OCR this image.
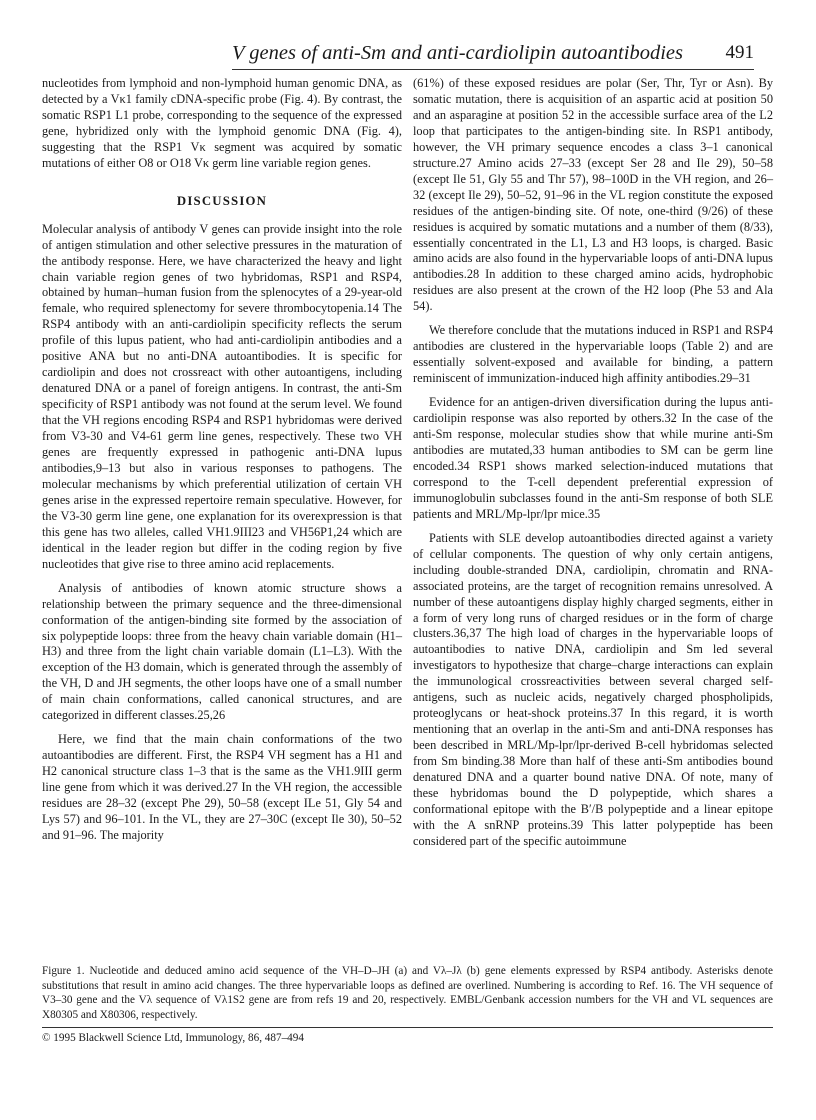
V genes of anti-Sm and anti-cardiolipin autoantibodies 491

nucleotides from lymphoid and non-lymphoid human genomic DNA, as detected by a Vκ1 family cDNA-specific probe (Fig. 4). By contrast, the somatic RSP1 L1 probe, corresponding to the sequence of the expressed gene, hybridized only with the lymphoid genomic DNA (Fig. 4), suggesting that the RSP1 Vκ segment was acquired by somatic mutations of either O8 or O18 Vκ germ line variable region genes.

DISCUSSION

Molecular analysis of antibody V genes can provide insight into the role of antigen stimulation and other selective pressures in the maturation of the antibody response. Here, we have characterized the heavy and light chain variable region genes of two hybridomas, RSP1 and RSP4, obtained by human–human fusion from the splenocytes of a 29-year-old female, who required splenectomy for severe thrombocytopenia.14 The RSP4 antibody with an anti-cardiolipin specificity reflects the serum profile of this lupus patient, who had anti-cardiolipin antibodies and a positive ANA but no anti-DNA autoantibodies. It is specific for cardiolipin and does not crossreact with other autoantigens, including denatured DNA or a panel of foreign antigens. In contrast, the anti-Sm specificity of RSP1 antibody was not found at the serum level. We found that the VH regions encoding RSP4 and RSP1 hybridomas were derived from V3-30 and V4-61 germ line genes, respectively. These two VH genes are frequently expressed in pathogenic anti-DNA lupus antibodies,9–13 but also in various responses to pathogens. The molecular mechanisms by which preferential utilization of certain VH genes arise in the expressed repertoire remain speculative. However, for the V3-30 germ line gene, one explanation for its overexpression is that this gene has two alleles, called VH1.9III23 and VH56P1,24 which are identical in the leader region but differ in the coding region by five nucleotides that give rise to three amino acid replacements.

Analysis of antibodies of known atomic structure shows a relationship between the primary sequence and the three-dimensional conformation of the antigen-binding site formed by the association of six polypeptide loops: three from the heavy chain variable domain (H1–H3) and three from the light chain variable domain (L1–L3). With the exception of the H3 domain, which is generated through the assembly of the VH, D and JH segments, the other loops have one of a small number of main chain conformations, called canonical structures, and are categorized in different classes.25,26

Here, we find that the main chain conformations of the two autoantibodies are different. First, the RSP4 VH segment has a H1 and H2 canonical structure class 1–3 that is the same as the VH1.9III germ line gene from which it was derived.27 In the VH region, the accessible residues are 28–32 (except Phe 29), 50–58 (except ILe 51, Gly 54 and Lys 57) and 96–101. In the VL, they are 27–30C (except Ile 30), 50–52 and 91–96. The majority

(61%) of these exposed residues are polar (Ser, Thr, Tyr or Asn). By somatic mutation, there is acquisition of an aspartic acid at position 50 and an asparagine at position 52 in the accessible surface area of the L2 loop that participates to the antigen-binding site. In RSP1 antibody, however, the VH primary sequence encodes a class 3–1 canonical structure.27 Amino acids 27–33 (except Ser 28 and Ile 29), 50–58 (except Ile 51, Gly 55 and Thr 57), 98–100D in the VH region, and 26–32 (except Ile 29), 50–52, 91–96 in the VL region constitute the exposed residues of the antigen-binding site. Of note, one-third (9/26) of these residues is acquired by somatic mutations and a number of them (8/33), essentially concentrated in the L1, L3 and H3 loops, is charged. Basic amino acids are also found in the hypervariable loops of anti-DNA lupus antibodies.28 In addition to these charged amino acids, hydrophobic residues are also present at the crown of the H2 loop (Phe 53 and Ala 54).

We therefore conclude that the mutations induced in RSP1 and RSP4 antibodies are clustered in the hypervariable loops (Table 2) and are essentially solvent-exposed and available for binding, a pattern reminiscent of immunization-induced high affinity antibodies.29–31

Evidence for an antigen-driven diversification during the lupus anti-cardiolipin response was also reported by others.32 In the case of the anti-Sm response, molecular studies show that while murine anti-Sm antibodies are mutated,33 human antibodies to SM can be germ line encoded.34 RSP1 shows marked selection-induced mutations that correspond to the T-cell dependent preferential expression of immunoglobulin subclasses found in the anti-Sm response of both SLE patients and MRL/Mp-lpr/lpr mice.35

Patients with SLE develop autoantibodies directed against a variety of cellular components. The question of why only certain antigens, including double-stranded DNA, cardiolipin, chromatin and RNA-associated proteins, are the target of recognition remains unresolved. A number of these autoantigens display highly charged segments, either in a form of very long runs of charged residues or in the form of charge clusters.36,37 The high load of charges in the hypervariable loops of autoantibodies to native DNA, cardiolipin and Sm led several investigators to hypothesize that charge–charge interactions can explain the immunological crossreactivities between several charged self-antigens, such as nucleic acids, negatively charged phospholipids, proteoglycans or heat-shock proteins.37 In this regard, it is worth mentioning that an overlap in the anti-Sm and anti-DNA responses has been described in MRL/Mp-lpr/lpr-derived B-cell hybridomas selected from Sm binding.38 More than half of these anti-Sm antibodies bound denatured DNA and a quarter bound native DNA. Of note, many of these hybridomas bound the D polypeptide, which shares a conformational epitope with the B′/B polypeptide and a linear epitope with the A snRNP proteins.39 This latter polypeptide has been considered part of the specific autoimmune

Figure 1. Nucleotide and deduced amino acid sequence of the VH–D–JH (a) and Vλ–Jλ (b) gene elements expressed by RSP4 antibody. Asterisks denote substitutions that result in amino acid changes. The three hypervariable loops as defined are overlined. Numbering is according to Ref. 16. The VH sequence of V3–30 gene and the Vλ sequence of Vλ1S2 gene are from refs 19 and 20, respectively. EMBL/Genbank accession numbers for the VH and VL sequences are X80305 and X80306, respectively.
© 1995 Blackwell Science Ltd, Immunology, 86, 487–494
